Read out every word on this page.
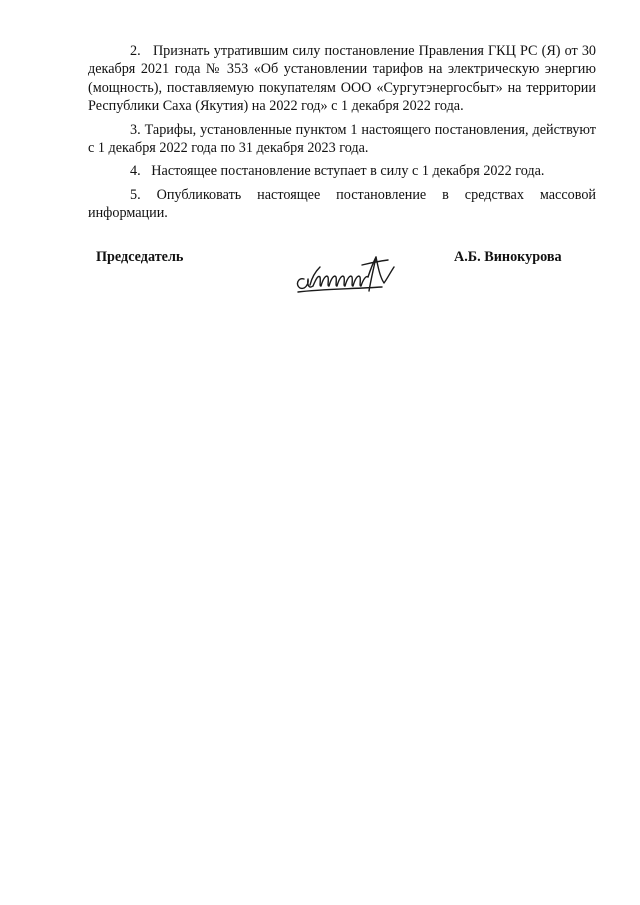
2. Признать утратившим силу постановление Правления ГКЦ РС (Я) от 30 декабря 2021 года № 353 «Об установлении тарифов на электрическую энергию (мощность), поставляемую покупателям ООО «Сургутэнергосбыт» на территории Республики Саха (Якутия) на 2022 год» с 1 декабря 2022 года.

3. Тарифы, установленные пунктом 1 настоящего постановления, действуют с 1 декабря 2022 года по 31 декабря 2023 года.

4. Настоящее постановление вступает в силу с 1 декабря 2022 года.

5. Опубликовать настоящее постановление в средствах массовой информации.

Председатель	А.Б. Винокурова
